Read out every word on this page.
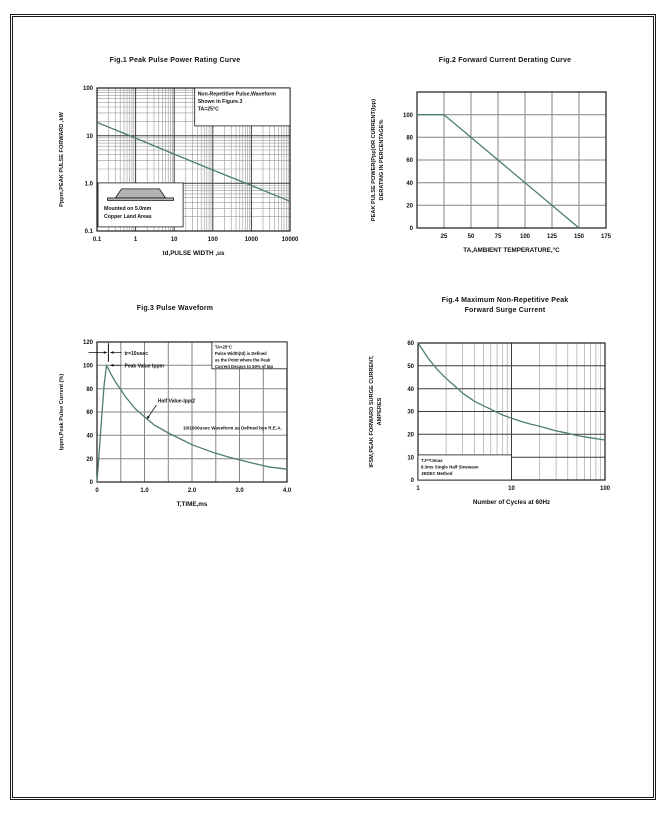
Fig.1 Peak Pulse Power Rating Curve
Non-Repetitive Pulse,Waveform
Shown in Figure.3
TA=25°C
Mounted on 5.0mm
Copper Land Areas
0.1	1	10	100	1000	10000
0.1
1.0
10
100
td,PULSE WIDTH ,us
Pppm,PEAK PULSE FORWARD ,kW
Fig.2 Forward Current Derating Curve
25	50	75	100	125	150	175
0
20
40
60
80
100
TA,AMBIENT TEMPERATURE,°C
PEAK PULSE POWER(Ppp)OR CURRENT(Ipp) DERATING IN PERCENTAGE%
Fig.3 Pulse Waveform
TA=25°C
Pulse Width(td) is Defined
as the Point where the Peak
Current Decays to 50% of Ipp
tr=10usec
Peak Value Ippm
Half Value-Ipp/2
10/1000usec Waveform as Defined bye R.E.A.
0	1.0	2.0	3.0	4.0
0
20
40
60
80
100
120
T,TIME,ms
Ippm,Peak Pulse Current (%)
Fig.4 Maximum Non-Repetitive Peak
Forward Surge Current
TJ=TJmax
8.3ms Single Half Sinewave
JEDEC Method
1	10	100
0
10
20
30
40
50
60
Number of Cycles at 60Hz
IFSM,PEAK FORWARD SURGE CURRENT, AMPERES
